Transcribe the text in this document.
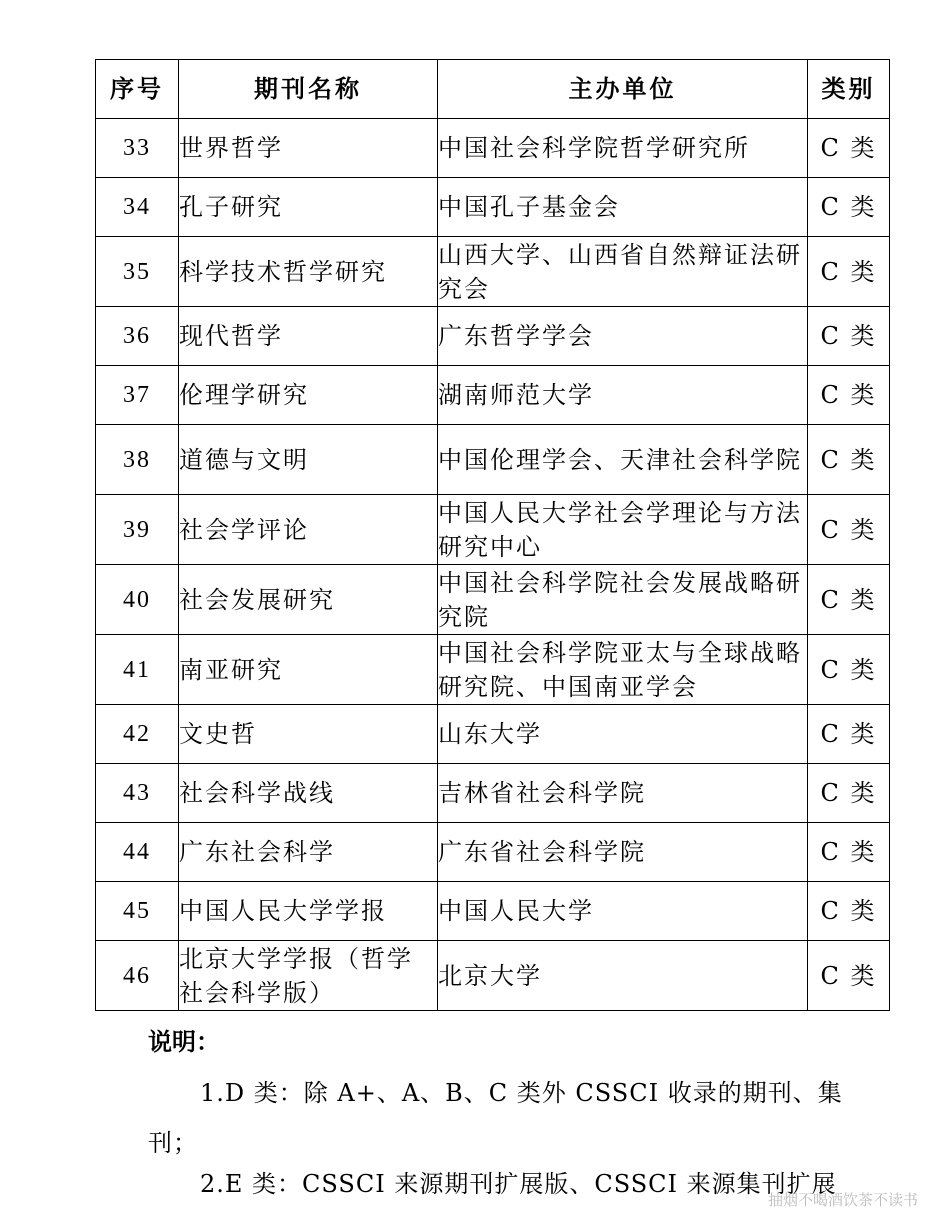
序号	期刊名称	主办单位	类别
33	世界哲学	中国社会科学院哲学研究所	C 类
34	孔子研究	中国孔子基金会	C 类
35	科学技术哲学研究	山西大学、山西省自然辩证法研究会	C 类
36	现代哲学	广东哲学学会	C 类
37	伦理学研究	湖南师范大学	C 类
38	道德与文明	中国伦理学会、天津社会科学院	C 类
39	社会学评论	中国人民大学社会学理论与方法研究中心	C 类
40	社会发展研究	中国社会科学院社会发展战略研究院	C 类
41	南亚研究	中国社会科学院亚太与全球战略研究院、中国南亚学会	C 类
42	文史哲	山东大学	C 类
43	社会科学战线	吉林省社会科学院	C 类
44	广东社会科学	广东省社会科学院	C 类
45	中国人民大学学报	中国人民大学	C 类
46	北京大学学报（哲学社会科学版）	北京大学	C 类

说明：

1.D 类：除 A+、A、B、C 类外 CSSCI 收录的期刊、集刊；

2.E 类：CSSCI 来源期刊扩展版、CSSCI 来源集刊扩展

抽烟不喝酒饮茶不读书
